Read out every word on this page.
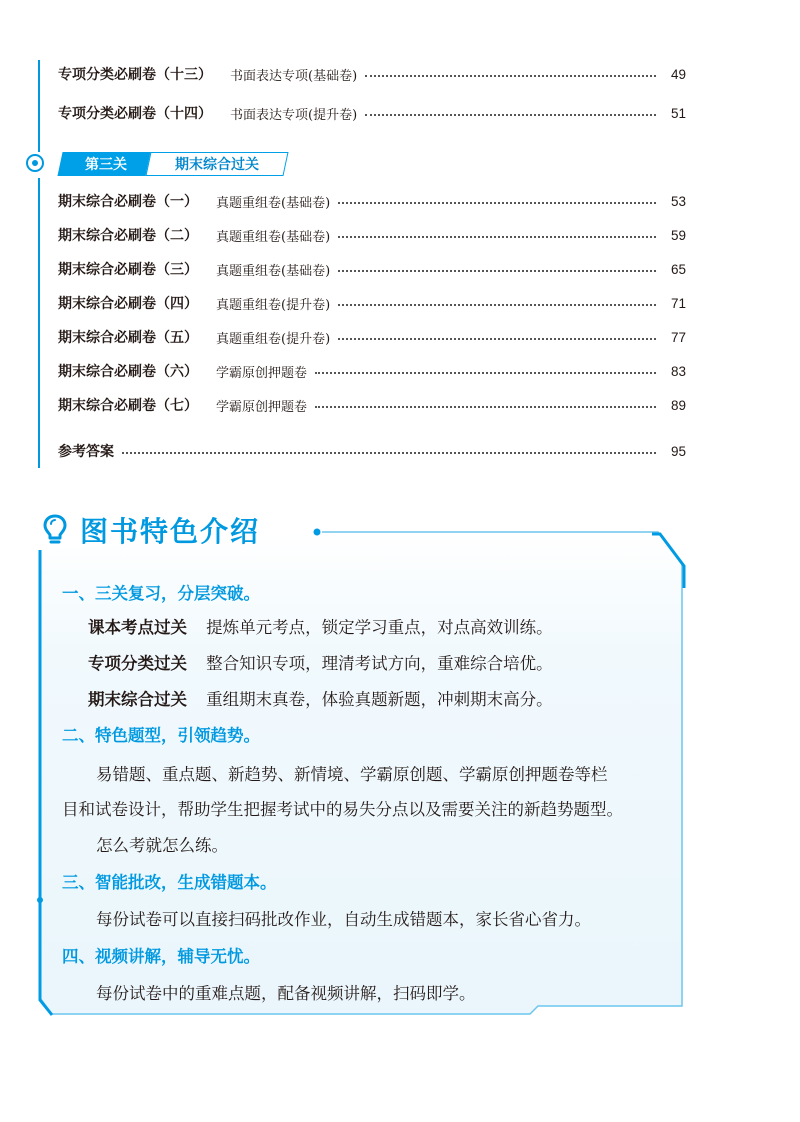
专项分类必刷卷（十三） 书面表达专项(基础卷)	49
专项分类必刷卷（十四） 书面表达专项(提升卷)	51
第三关	期末综合过关
期末综合必刷卷（一） 真题重组卷(基础卷)	53
期末综合必刷卷（二） 真题重组卷(基础卷)	59
期末综合必刷卷（三） 真题重组卷(基础卷)	65
期末综合必刷卷（四） 真题重组卷(提升卷)	71
期末综合必刷卷（五） 真题重组卷(提升卷)	77
期末综合必刷卷（六） 学霸原创押题卷	83
期末综合必刷卷（七） 学霸原创押题卷	89
参考答案	95
图书特色介绍
一、三关复习，分层突破。
课本考点过关 提炼单元考点，锁定学习重点，对点高效训练。
专项分类过关 整合知识专项，理清考试方向，重难综合培优。
期末综合过关 重组期末真卷，体验真题新题，冲刺期末高分。
二、特色题型，引领趋势。
易错题、重点题、新趋势、新情境、学霸原创题、学霸原创押题卷等栏
目和试卷设计，帮助学生把握考试中的易失分点以及需要关注的新趋势题型。
怎么考就怎么练。
三、智能批改，生成错题本。
每份试卷可以直接扫码批改作业，自动生成错题本，家长省心省力。
四、视频讲解，辅导无忧。
每份试卷中的重难点题，配备视频讲解，扫码即学。
